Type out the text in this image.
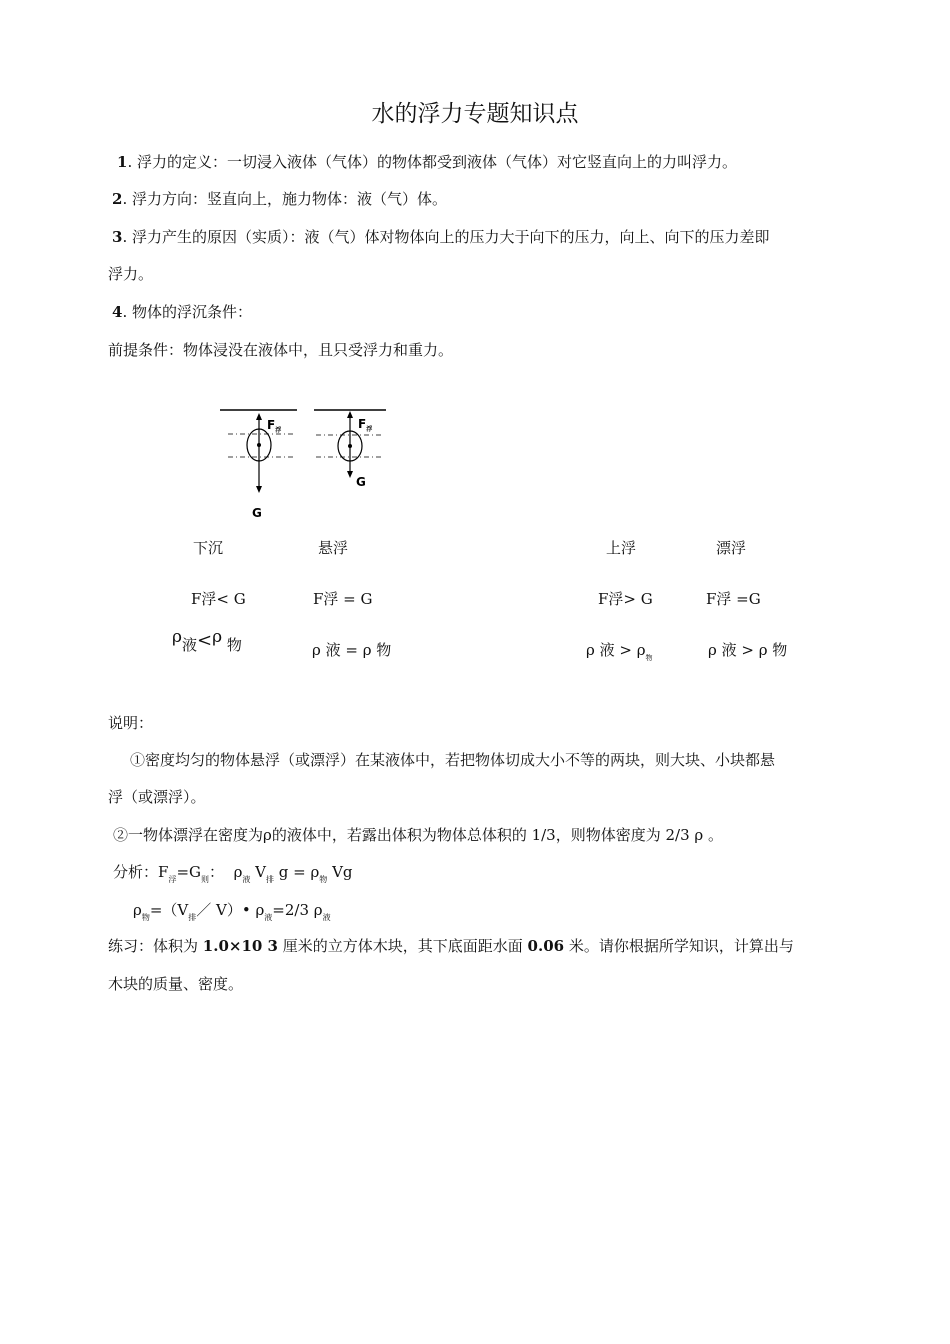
水的浮力专题知识点
1. 浮力的定义：一切浸入液体（气体）的物体都受到液体（气体）对它竖直向上的力叫浮力。
2. 浮力方向：竖直向上，施力物体：液（气）体。
3. 浮力产生的原因（实质）：液（气）体对物体向上的压力大于向下的压力，向上、向下的压力差即
浮力。
4. 物体的浮沉条件：
前提条件：物体浸没在液体中，且只受浮力和重力。
$F_浮$
G
$F_浮$
G
下沉	悬浮	上浮	漂浮
F浮< G	F浮 = G	F浮> G	F浮 =G
ρ液<ρ 物	ρ 液 = ρ 物	ρ 液 > $\rho_物$	ρ 液 > ρ 物
说明：
①密度均匀的物体悬浮（或漂浮）在某液体中，若把物体切成大小不等的两块，则大块、小块都悬
浮（或漂浮）。
②一物体漂浮在密度为ρ的液体中，若露出体积为物体总体积的 1/3，则物体密度为 2/3 ρ 。
分析：$F_浮=G_则$： $\rho_液$ $V_排$ $g = \rho_物$ Vg
$\rho_物=(V_排/$ V）• $\rho_液=2/3$ $\rho_液$
练习：体积为 1.0×10 3 厘米的立方体木块，其下底面距水面 0.06 米。请你根据所学知识，计算出与
木块的质量、密度。
